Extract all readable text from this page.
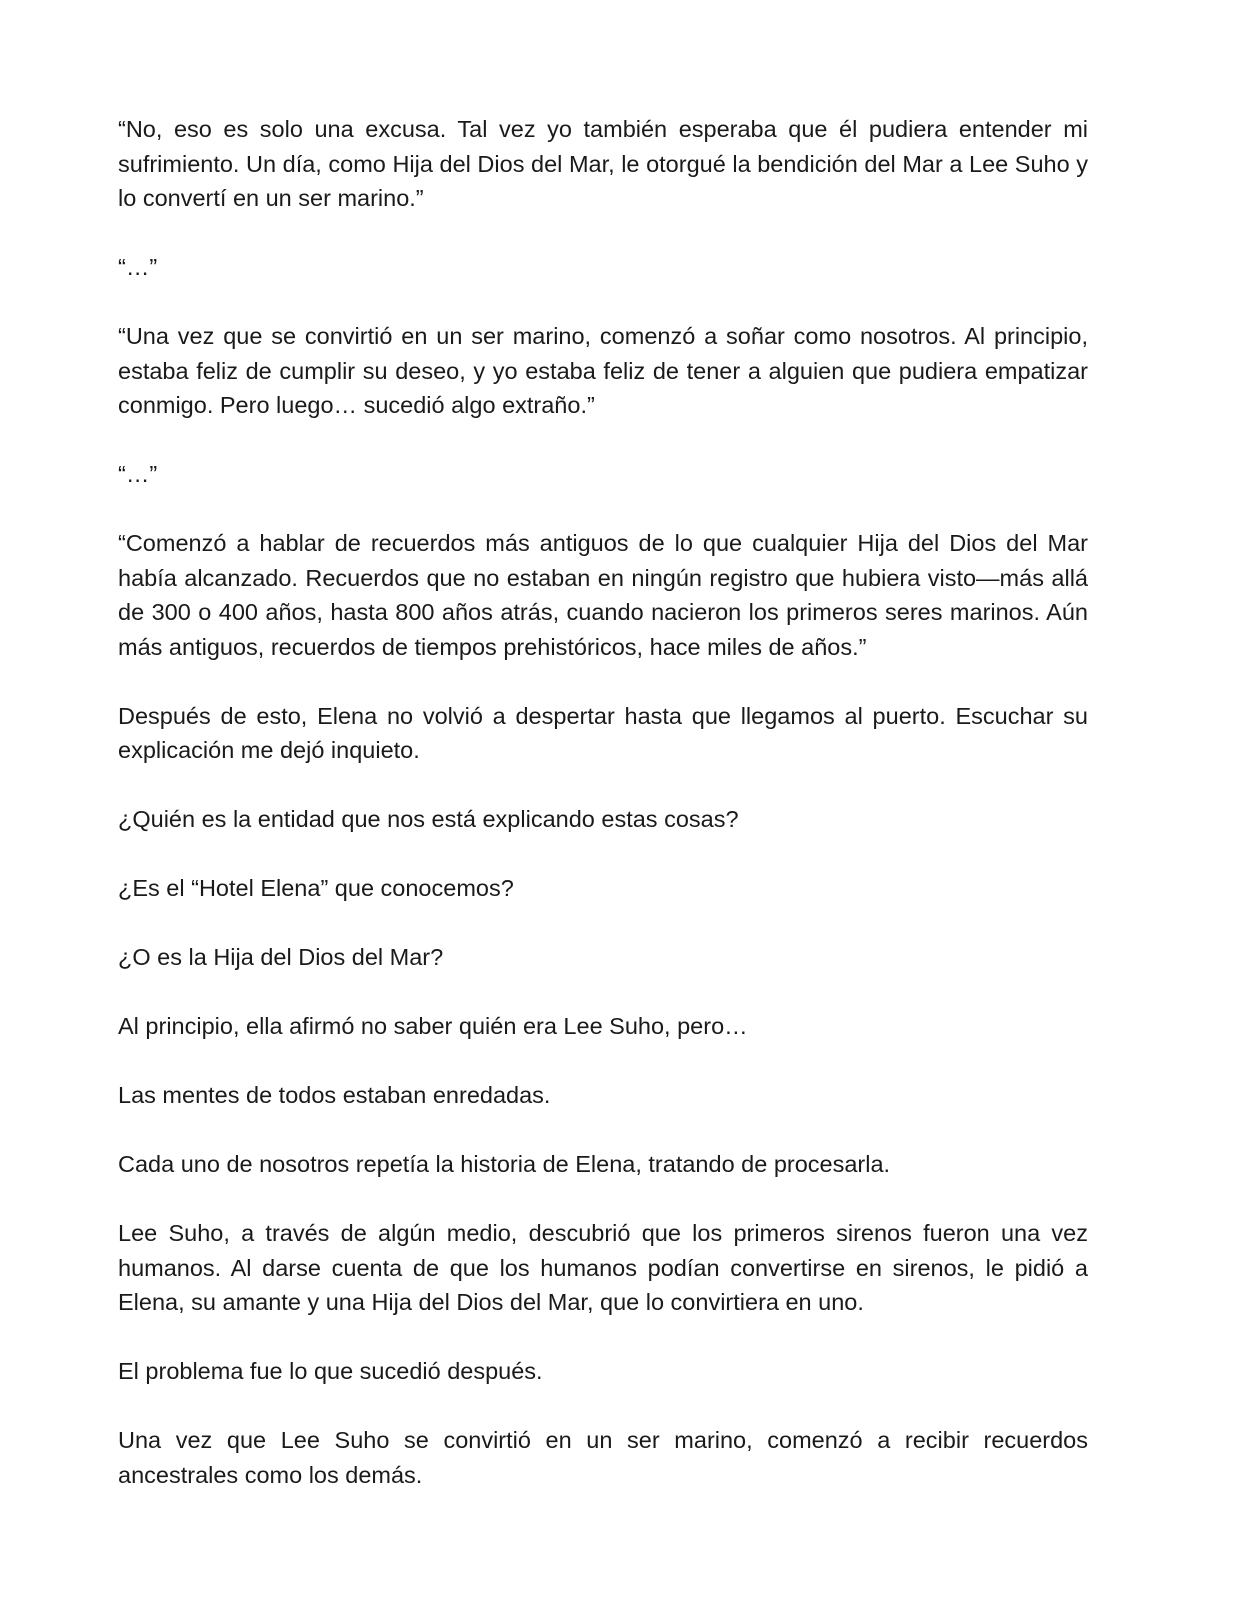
“No, eso es solo una excusa. Tal vez yo también esperaba que él pudiera entender mi sufrimiento. Un día, como Hija del Dios del Mar, le otorgué la bendición del Mar a Lee Suho y lo convertí en un ser marino.”

“…”

“Una vez que se convirtió en un ser marino, comenzó a soñar como nosotros. Al principio, estaba feliz de cumplir su deseo, y yo estaba feliz de tener a alguien que pudiera empatizar conmigo. Pero luego… sucedió algo extraño.”

“…”

“Comenzó a hablar de recuerdos más antiguos de lo que cualquier Hija del Dios del Mar había alcanzado. Recuerdos que no estaban en ningún registro que hubiera visto—más allá de 300 o 400 años, hasta 800 años atrás, cuando nacieron los primeros seres marinos. Aún más antiguos, recuerdos de tiempos prehistóricos, hace miles de años.”

Después de esto, Elena no volvió a despertar hasta que llegamos al puerto. Escuchar su explicación me dejó inquieto.

¿Quién es la entidad que nos está explicando estas cosas?

¿Es el “Hotel Elena” que conocemos?

¿O es la Hija del Dios del Mar?

Al principio, ella afirmó no saber quién era Lee Suho, pero…

Las mentes de todos estaban enredadas.

Cada uno de nosotros repetía la historia de Elena, tratando de procesarla.

Lee Suho, a través de algún medio, descubrió que los primeros sirenos fueron una vez humanos. Al darse cuenta de que los humanos podían convertirse en sirenos, le pidió a Elena, su amante y una Hija del Dios del Mar, que lo convirtiera en uno.

El problema fue lo que sucedió después.

Una vez que Lee Suho se convirtió en un ser marino, comenzó a recibir recuerdos ancestrales como los demás.
